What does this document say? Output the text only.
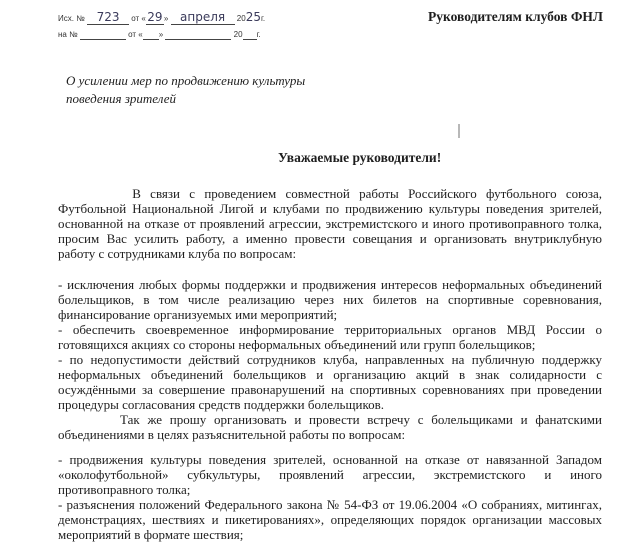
Исх. № 723 от «29» апреля 2025г.
на №	от « »	20 г.
Руководителям клубов ФНЛ
О усилении мер по продвижению культуры
поведения зрителей
Уважаемые руководители!
В связи с проведением совместной работы Российского футбольного союза,
Футбольной Национальной Лигой и клубами по продвижению культуры поведения зрителей,
основанной на отказе от проявлений агрессии, экстремистского и иного противоправного толка,
просим Вас усилить работу, а именно провести совещания и организовать внутриклубную
работу с сотрудниками клуба по вопросам:
- исключения любых формы поддержки и продвижения интересов неформальных объединений
болельщиков, в том числе реализацию через них билетов на спортивные соревнования,
финансирование организуемых ими мероприятий;
- обеспечить своевременное информирование территориальных органов МВД России о
готовящихся акциях со стороны неформальных объединений или групп болельщиков;
- по недопустимости действий сотрудников клуба, направленных на публичную поддержку
неформальных объединений болельщиков и организацию акций в знак солидарности с
осуждёнными за совершение правонарушений на спортивных соревнованиях при проведении
процедуры согласования средств поддержки болельщиков.
Так же прошу организовать и провести встречу с болельщиками и фанатскими
объединениями в целях разъяснительной работы по вопросам:
- продвижения культуры поведения зрителей, основанной на отказе от навязанной Западом
«околофутбольной»  субкультуры,  проявлений  агрессии,  экстремистского  и  иного
противоправного толка;
- разъяснения положений Федерального закона № 54-ФЗ от 19.06.2004 «О собраниях, митингах,
демонстрациях, шествиях и пикетированиях», определяющих порядок организации массовых
мероприятий в формате шествия;
